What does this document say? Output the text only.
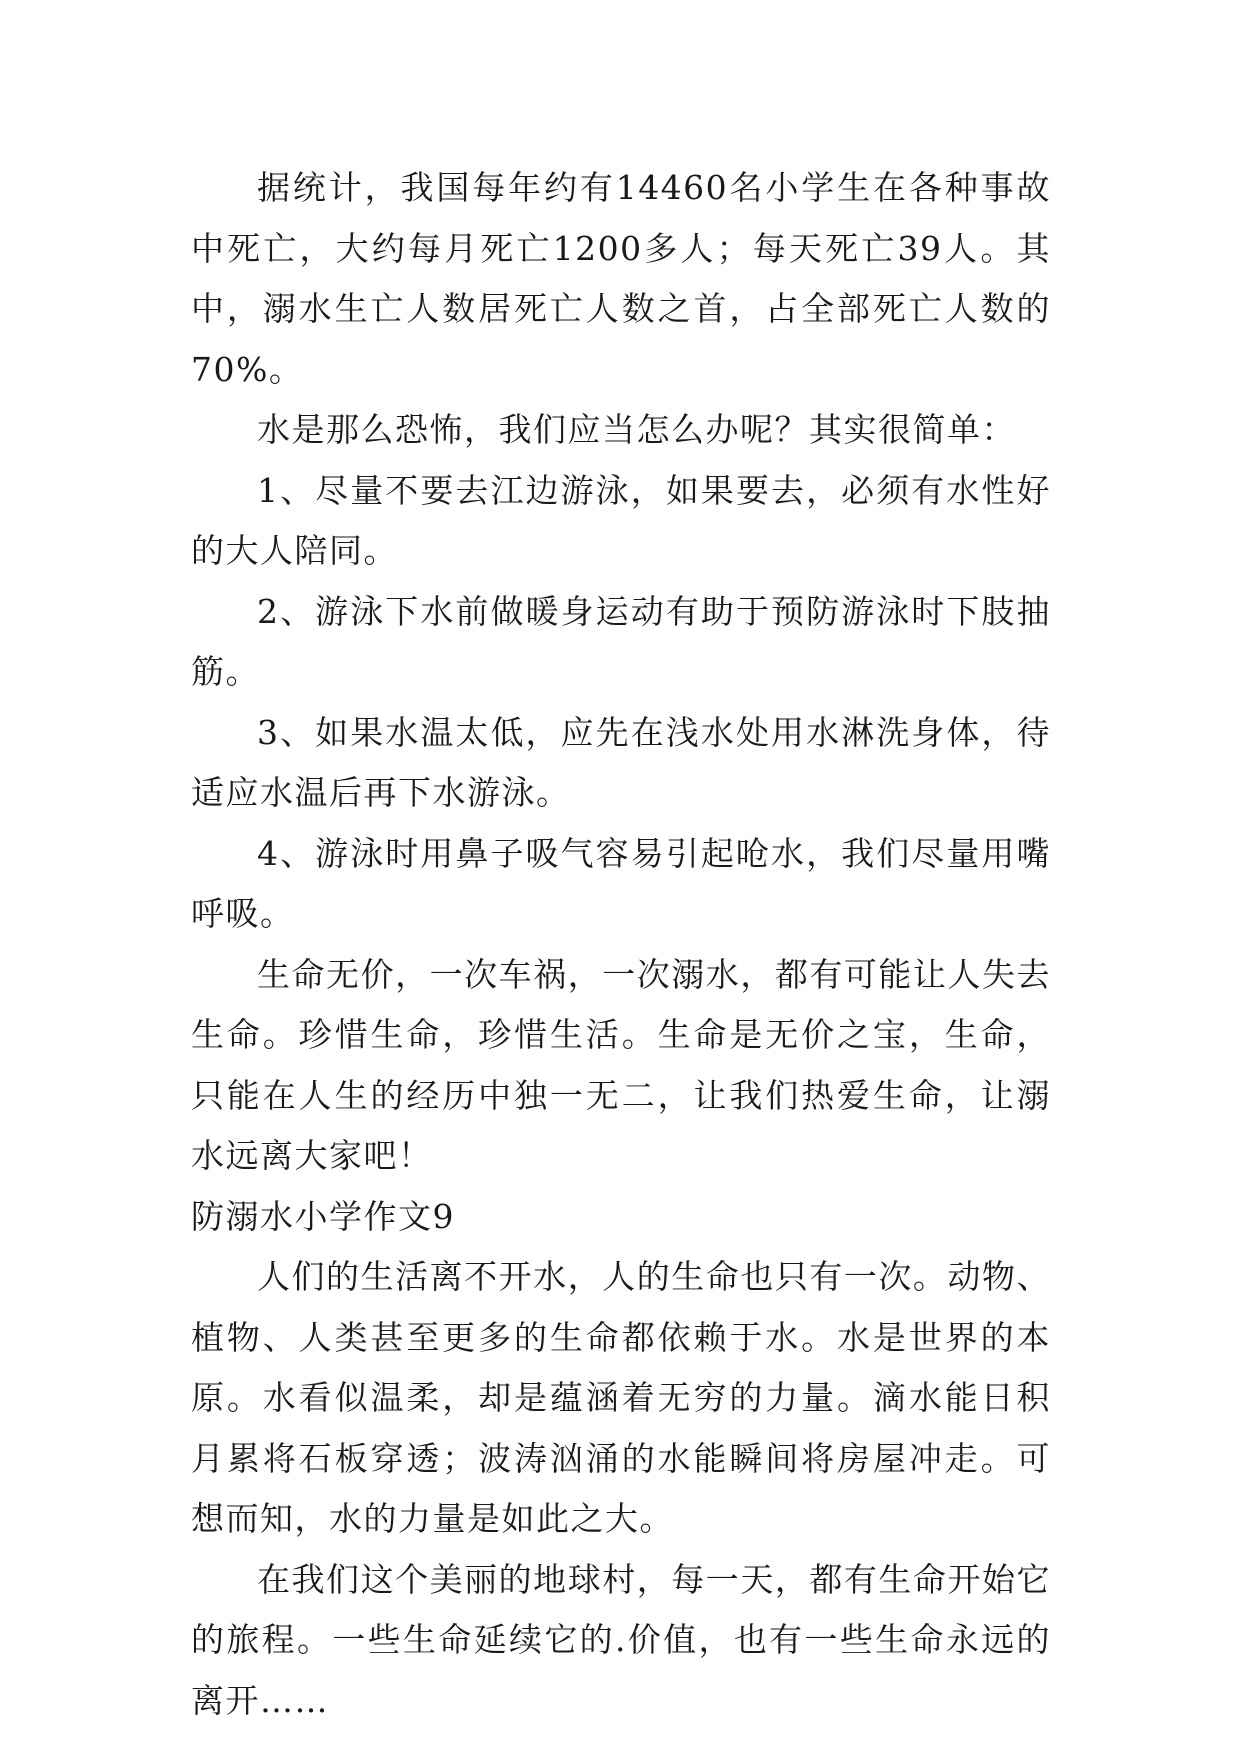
据统计，我国每年约有14460名小学生在各种事故中死亡，大约每月死亡1200多人；每天死亡39人。其中，溺水生亡人数居死亡人数之首，占全部死亡人数的70%。

水是那么恐怖，我们应当怎么办呢？其实很简单：

1、尽量不要去江边游泳，如果要去，必须有水性好的大人陪同。

2、游泳下水前做暖身运动有助于预防游泳时下肢抽筋。

3、如果水温太低，应先在浅水处用水淋洗身体，待适应水温后再下水游泳。

4、游泳时用鼻子吸气容易引起呛水，我们尽量用嘴呼吸。

生命无价，一次车祸，一次溺水，都有可能让人失去生命。珍惜生命，珍惜生活。生命是无价之宝，生命，只能在人生的经历中独一无二，让我们热爱生命，让溺水远离大家吧！

防溺水小学作文9

人们的生活离不开水，人的生命也只有一次。动物、植物、人类甚至更多的生命都依赖于水。水是世界的本原。水看似温柔，却是蕴涵着无穷的力量。滴水能日积月累将石板穿透；波涛汹涌的水能瞬间将房屋冲走。可想而知，水的力量是如此之大。

在我们这个美丽的地球村，每一天，都有生命开始它的旅程。一些生命延续它的.价值，也有一些生命永远的离开……
